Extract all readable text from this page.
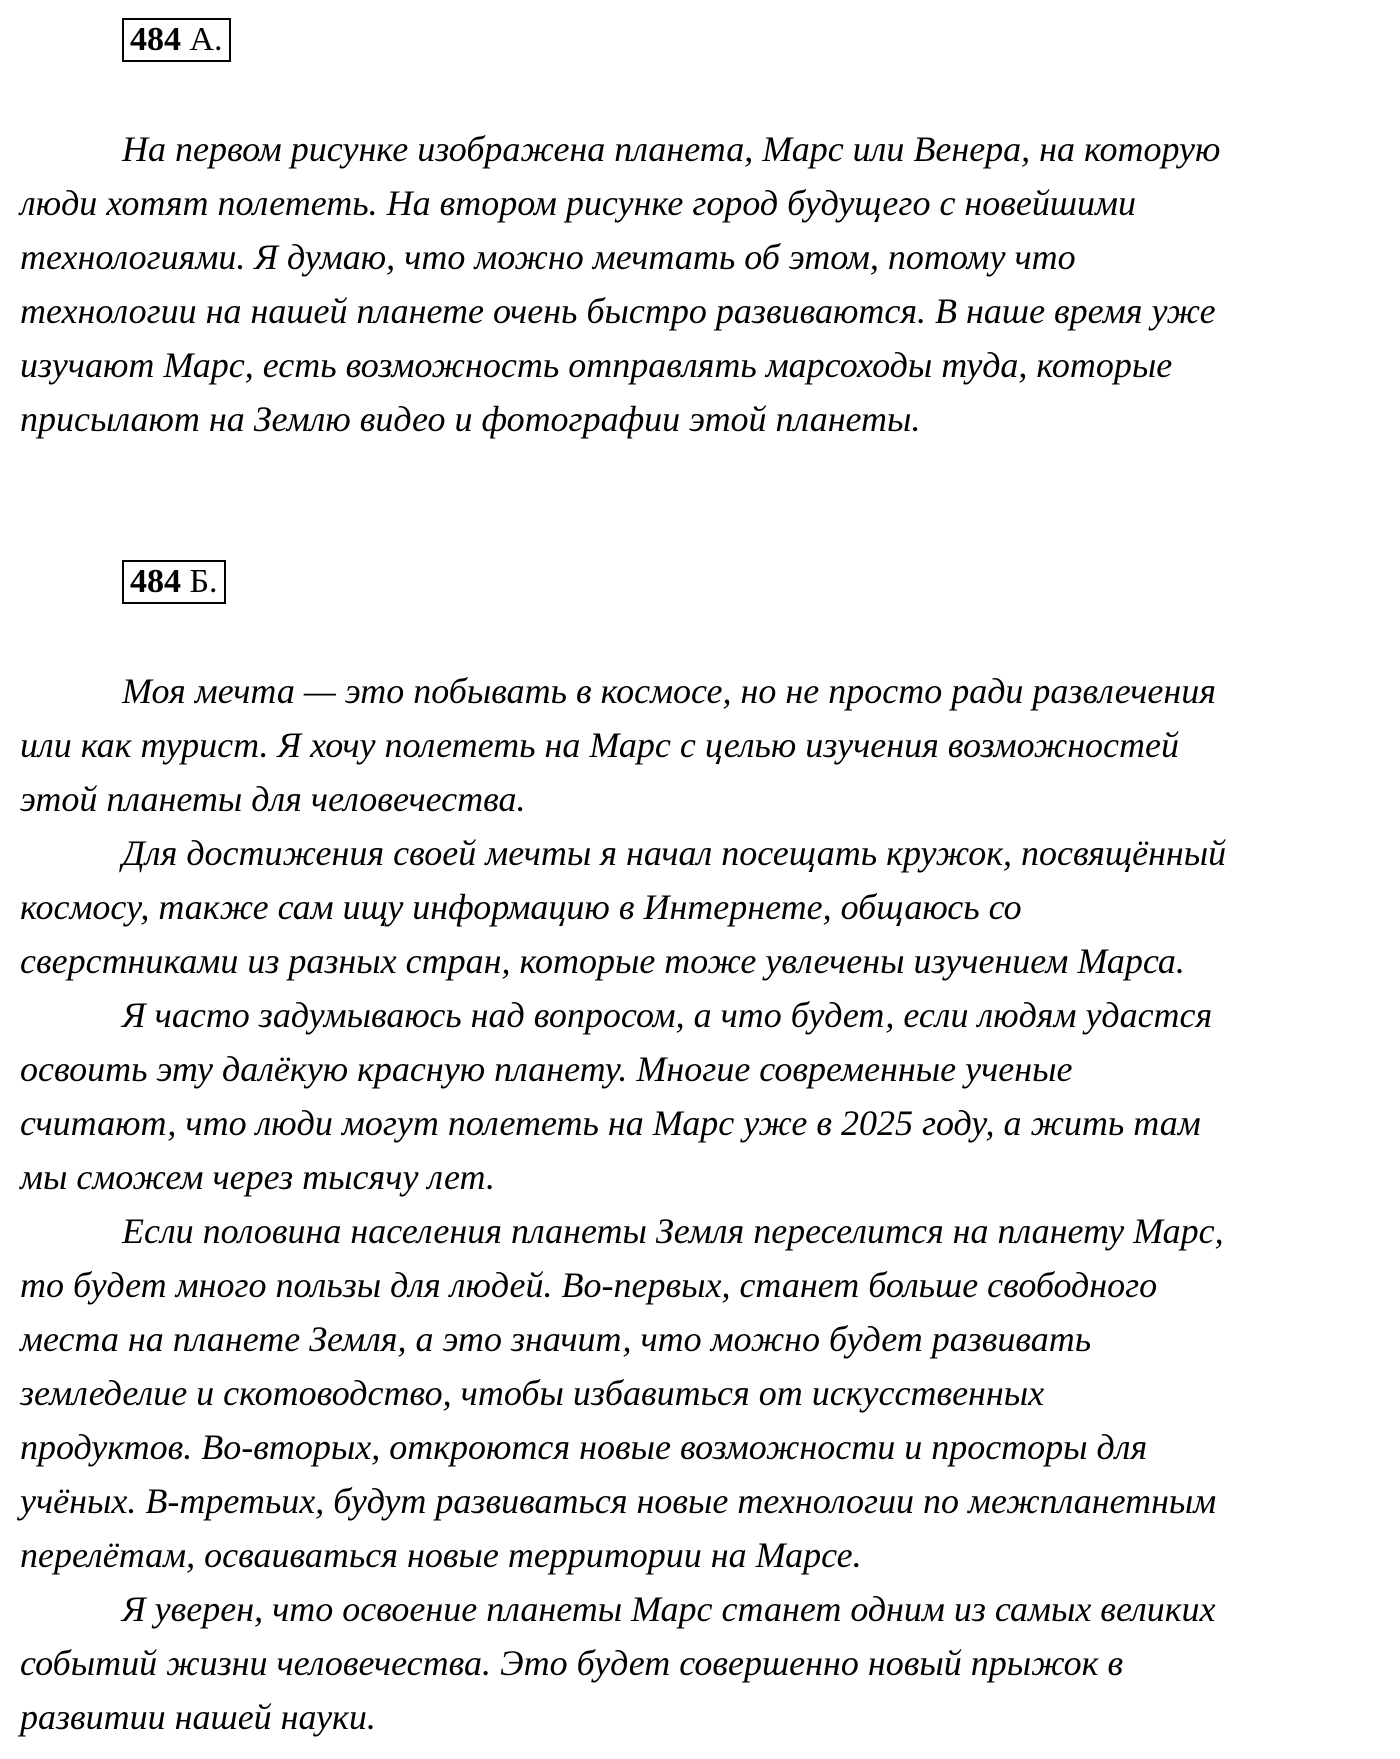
484 А.
На первом рисунке изображена планета, Марс или Венера, на которую
люди хотят полететь. На втором рисунке город будущего с новейшими
технологиями. Я думаю, что можно мечтать об этом, потому что
технологии на нашей планете очень быстро развиваются. В наше время уже
изучают Марс, есть возможность отправлять марсоходы туда, которые
присылают на Землю видео и фотографии этой планеты.
484 Б.
Моя мечта — это побывать в космосе, но не просто ради развлечения
или как турист. Я хочу полететь на Марс с целью изучения возможностей
этой планеты для человечества.
Для достижения своей мечты я начал посещать кружок, посвящённый
космосу, также сам ищу информацию в Интернете, общаюсь со
сверстниками из разных стран, которые тоже увлечены изучением Марса.
Я часто задумываюсь над вопросом, а что будет, если людям удастся
освоить эту далёкую красную планету. Многие современные ученые
считают, что люди могут полететь на Марс уже в 2025 году, а жить там
мы сможем через тысячу лет.
Если половина населения планеты Земля переселится на планету Марс,
то будет много пользы для людей. Во-первых, станет больше свободного
места на планете Земля, а это значит, что можно будет развивать
земледелие и скотоводство, чтобы избавиться от искусственных
продуктов. Во-вторых, откроются новые возможности и просторы для
учёных. В-третьих, будут развиваться новые технологии по межпланетным
перелётам, осваиваться новые территории на Марсе.
Я уверен, что освоение планеты Марс станет одним из самых великих
событий жизни человечества. Это будет совершенно новый прыжок в
развитии нашей науки.
